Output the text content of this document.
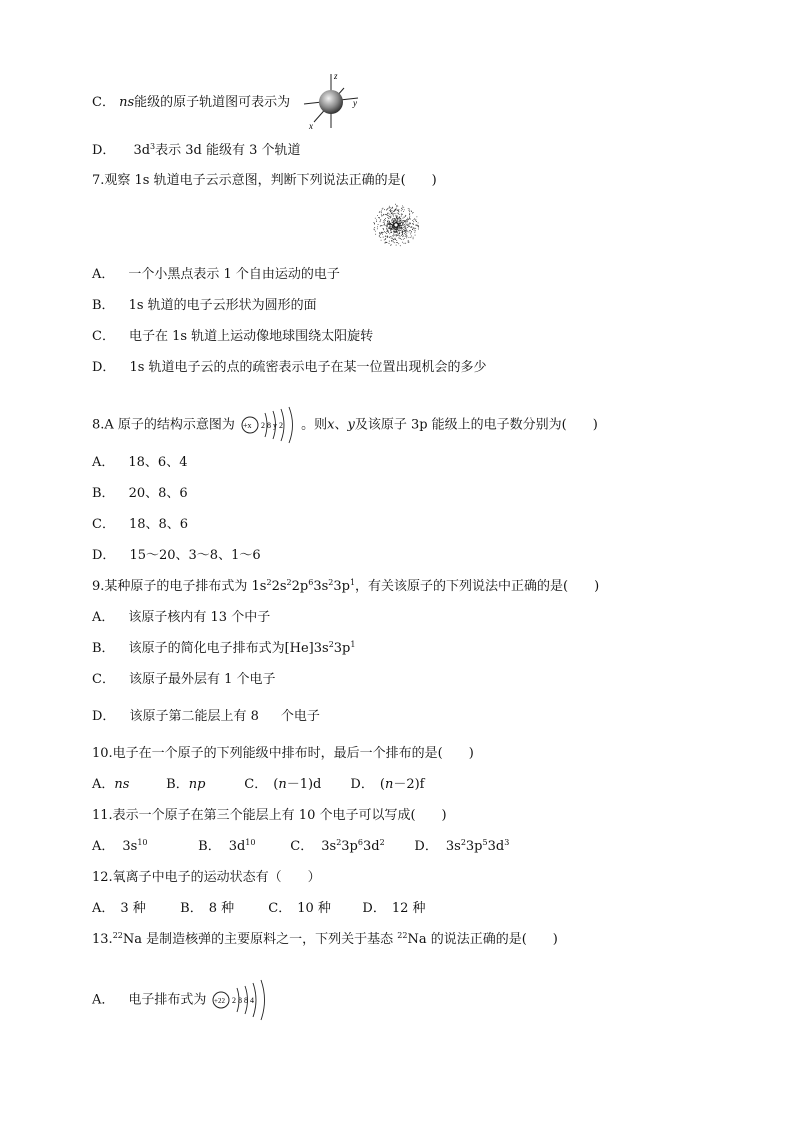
C． ns能级的原子轨道图可表示为
z
y
x
D． $3d^3$表示 3d 能级有 3 个轨道
7.观察 1s 轨道电子云示意图，判断下列说法正确的是(　　)
A． 一个小黑点表示 1 个自由运动的电子
B． 1s 轨道的电子云形状为圆形的面
C． 电子在 1s 轨道上运动像地球围绕太阳旋转
D． 1s 轨道电子云的点的疏密表示电子在某一位置出现机会的多少
8.A 原子的结构示意图为 +x 2 8 y 2 。则x、y及该原子 3p 能级上的电子数分别为(　　)
A． 18、6、4
B． 20、8、6
C． 18、8、6
D． 15～20、3～8、1～6
9.某种原子的电子排布式为 $1s^22s^22p^63s^23p^1$，有关该原子的下列说法中正确的是(　　)
A． 该原子核内有 13 个中子
B． 该原子的简化电子排布式为$[He]3s^23p^1$
C． 该原子最外层有 1 个电子
D． 该原子第二能层上有 8 个电子
10.电子在一个原子的下列能级中排布时，最后一个排布的是(　　)
A．ns	B．np	C． (n－1)d D． (n－2)f
11.表示一个原子在第三个能层上有 10 个电子可以写成(　　)
A． $3s^{10}$	B． $3d^{10}$	C． $3s^23p^63d^2$ D． $3s^23p^53d^3$
12.氧离子中电子的运动状态有（　　）
A． 3 种	B． 8 种	C． 10 种 D． 12 种
13.22Na 是制造核弹的主要原料之一，下列关于基态 $^{22}$Na 的说法正确的是(　　)
A． 电子排布式为 +22 2 8 8 4
